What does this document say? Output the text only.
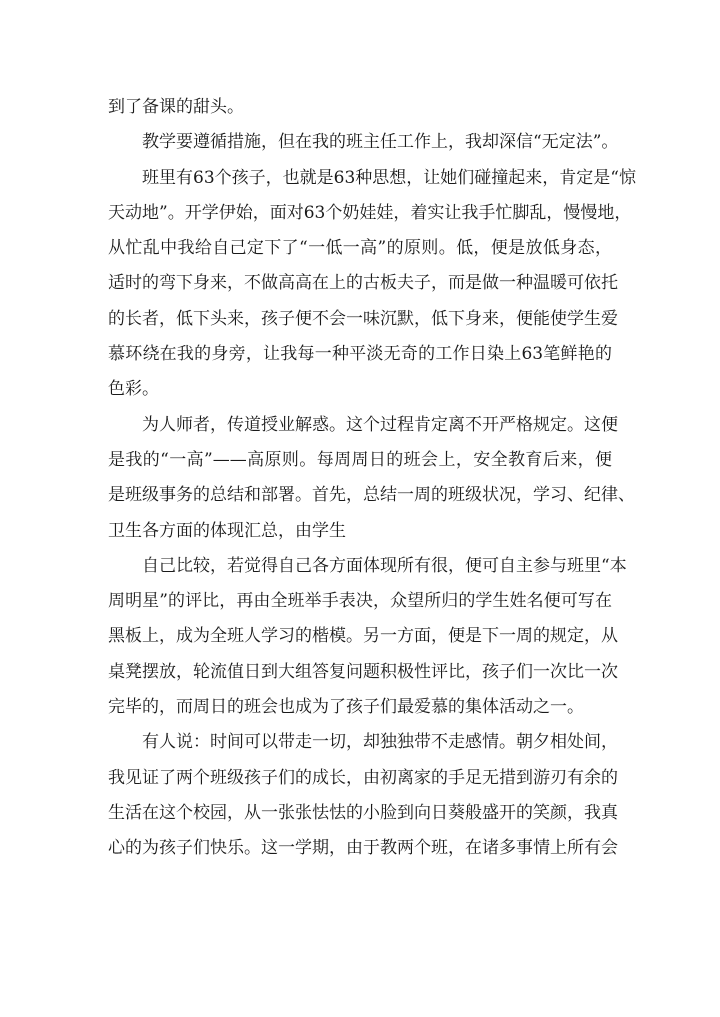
到了备课的甜头。
教学要遵循措施，但在我的班主任工作上，我却深信“无定法”。
班里有63个孩子，也就是63种思想，让她们碰撞起来，肯定是“惊
天动地”。开学伊始，面对63个奶娃娃，着实让我手忙脚乱，慢慢地，
从忙乱中我给自己定下了“一低一高”的原则。低，便是放低身态，
适时的弯下身来，不做高高在上的古板夫子，而是做一种温暖可依托
的长者，低下头来，孩子便不会一味沉默，低下身来，便能使学生爱
慕环绕在我的身旁，让我每一种平淡无奇的工作日染上63笔鲜艳的
色彩。
为人师者，传道授业解惑。这个过程肯定离不开严格规定。这便
是我的“一高”——高原则。每周周日的班会上，安全教育后来，便
是班级事务的总结和部署。首先，总结一周的班级状况，学习、纪律、
卫生各方面的体现汇总，由学生
自己比较，若觉得自己各方面体现所有很，便可自主参与班里“本
周明星”的评比，再由全班举手表决，众望所归的学生姓名便可写在
黑板上，成为全班人学习的楷模。另一方面，便是下一周的规定，从
桌凳摆放，轮流值日到大组答复问题积极性评比，孩子们一次比一次
完毕的，而周日的班会也成为了孩子们最爱慕的集体活动之一。
有人说：时间可以带走一切，却独独带不走感情。朝夕相处间，
我见证了两个班级孩子们的成长，由初离家的手足无措到游刃有余的
生活在这个校园，从一张张怯怯的小脸到向日葵般盛开的笑颜，我真
心的为孩子们快乐。这一学期，由于教两个班，在诸多事情上所有会
